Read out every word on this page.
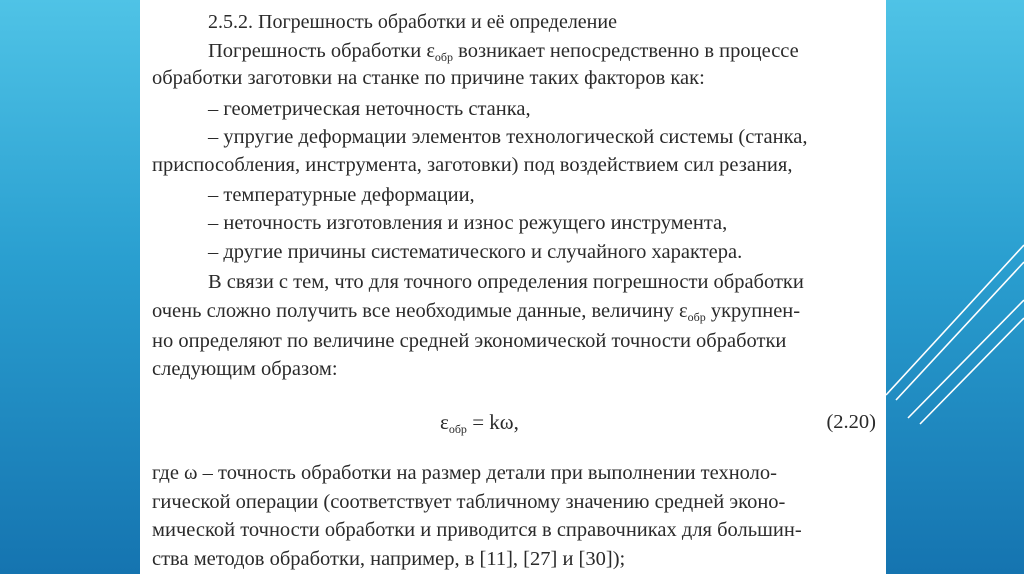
2.5.2. Погрешность обработки и её определение
Погрешность обработки $\varepsilon_{обр}$ возникает непосредственно в процессе
обработки заготовки на станке по причине таких факторов как:
– геометрическая неточность станка,
– упругие деформации элементов технологической системы (станка,
приспособления, инструмента, заготовки) под воздействием сил резания,
– температурные деформации,
– неточность изготовления и износ режущего инструмента,
– другие причины систематического и случайного характера.
В связи с тем, что для точного определения погрешности обработки
очень сложно получить все необходимые данные, величину $\varepsilon_{обр}$ укрупнен-
но определяют по величине средней экономической точности обработки
следующим образом:
$\varepsilon_{обр} = k\omega$,	(2.20)
где ω – точность обработки на размер детали при выполнении техноло-
гической операции (соответствует табличному значению средней эконо-
мической точности обработки и приводится в справочниках для большин-
ства методов обработки, например, в [11], [27] и [30]);
